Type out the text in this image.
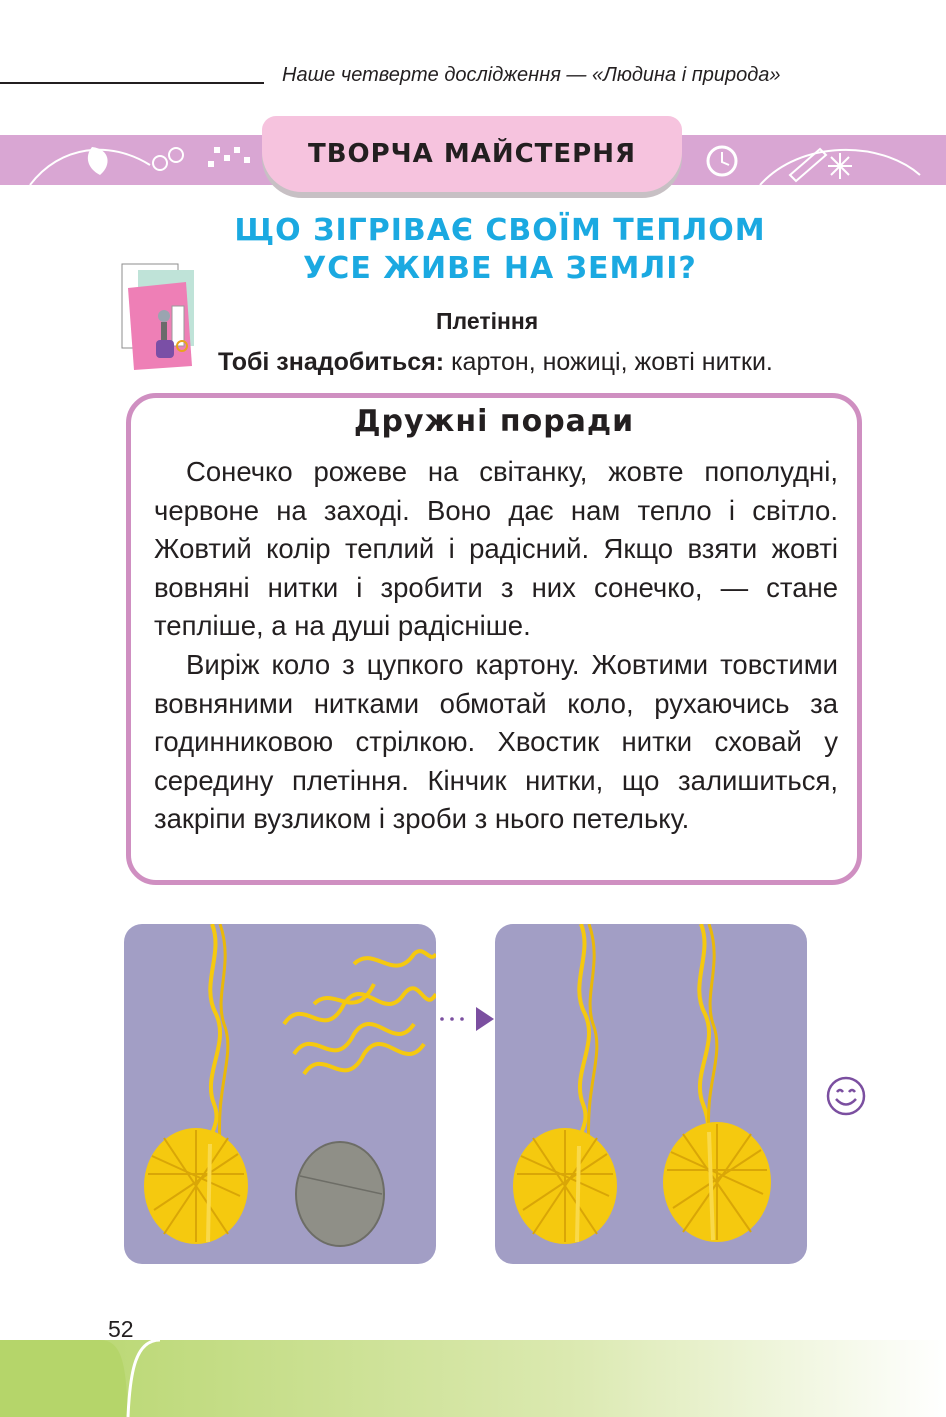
Наше четверте дослідження — «Людина і природа»
ТВОРЧА МАЙСТЕРНЯ
ЩО ЗІГРІВАЄ СВОЇМ ТЕПЛОМ
УСЕ ЖИВЕ НА ЗЕМЛІ?
Плетіння
Тобі знадобиться: картон, ножиці, жовті нитки.
Дружні поради

Сонечко рожеве на світанку, жовте пополудні, червоне на заході. Воно дає нам тепло і світло. Жовтий колір теплий і радісний. Якщо взяти жовті вовняні нитки і зробити з них сонечко, — стане тепліше, а на душі радісніше.

Виріж коло з цупкого картону. Жовтими товстими вовняними нитками обмотай коло, рухаючись за годинниковою стрілкою. Хвостик нитки сховай у середину плетіння. Кінчик нитки, що залишиться, закріпи вузликом і зроби з нього петельку.

52
